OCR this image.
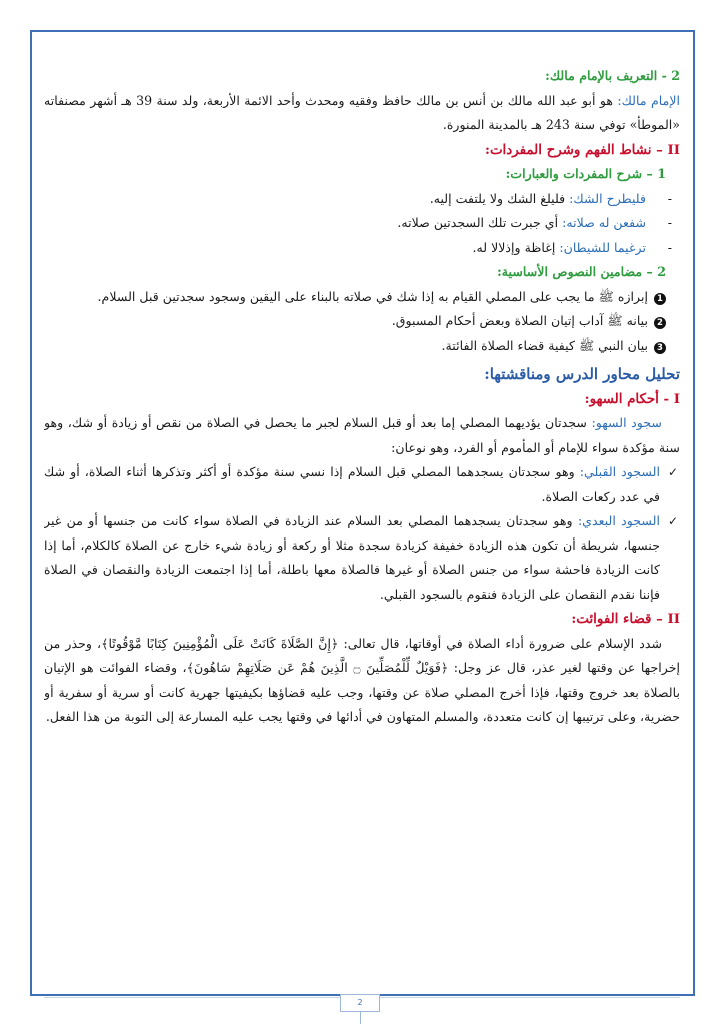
2 - التعريف بالإمام مالك:

الإمام مالك: هو أبو عبد الله مالك بن أنس بن مالك حافظ وفقيه ومحدث وأحد الائمة الأربعة، ولد سنة 39 هـ أشهر مصنفاته «الموطأ» توفي سنة 243 هـ بالمدينة المنورة.

II – نشاط الفهم وشرح المفردات:
1 – شرح المفردات والعبارات:
-
فليطرح الشك: فليلغ الشك ولا يلتفت إليه.
-
شفعن له صلاته: أي جبرت تلك السجدتين صلاته.
-
ترغيما للشيطان: إغاظة وإذلالا له.
2 – مضامين النصوص الأساسية:
1إبرازه ﷺ ما يجب على المصلي القيام به إذا شك في صلاته بالبناء على اليقين وسجود سجدتين قبل السلام.
2بيانه ﷺ آداب إتيان الصلاة وبعض أحكام المسبوق.
3بيان النبي ﷺ كيفية قضاء الصلاة الفائتة.
تحليل محاور الدرس ومناقشتها:
I - أحكام السهو:

سجود السهو: سجدتان يؤديهما المصلي إما بعد أو قبل السلام لجبر ما يحصل في الصلاة من نقص أو زيادة أو شك، وهو سنة مؤكدة سواء للإمام أو المأموم أو الفرد، وهو نوعان:

✓
السجود القبلي: وهو سجدتان يسجدهما المصلي قبل السلام إذا نسي سنة مؤكدة أو أكثر وتذكرها أثناء الصلاة، أو شك في عدد ركعات الصلاة.
✓
السجود البعدي: وهو سجدتان يسجدهما المصلي بعد السلام عند الزيادة في الصلاة سواء كانت من جنسها أو من غير جنسها، شريطة أن تكون هذه الزيادة خفيفة كزيادة سجدة مثلا أو ركعة أو زيادة شيء خارج عن الصلاة كالكلام، أما إذا كانت الزيادة فاحشة سواء من جنس الصلاة أو غيرها فالصلاة معها باطلة، أما إذا اجتمعت الزيادة والنقصان في الصلاة فإننا نقدم النقصان على الزيادة فنقوم بالسجود القبلي.
II – قضاء الفوائت:

شدد الإسلام على ضرورة أداء الصلاة في أوقاتها، قال تعالى: ﴿إِنَّ الصَّلَاةَ كَانَتْ عَلَى الْمُؤْمِنِينَ كِتَابًا مَّوْقُوتًا﴾، وحذر من إخراجها عن وقتها لغير عذر، قال عز وجل: ﴿فَوَيْلٌ لِّلْمُصَلِّينَ ۝ الَّذِينَ هُمْ عَن صَلَاتِهِمْ سَاهُونَ﴾، وقضاء الفوائت هو الإتيان بالصلاة بعد خروج وقتها، فإذا أخرج المصلي صلاة عن وقتها، وجب عليه قضاؤها بكيفيتها جهرية كانت أو سرية أو سفرية أو حضرية، وعلى ترتيبها إن كانت متعددة، والمسلم المتهاون في أدائها في وقتها يجب عليه المسارعة إلى التوبة من هذا الفعل.

2
